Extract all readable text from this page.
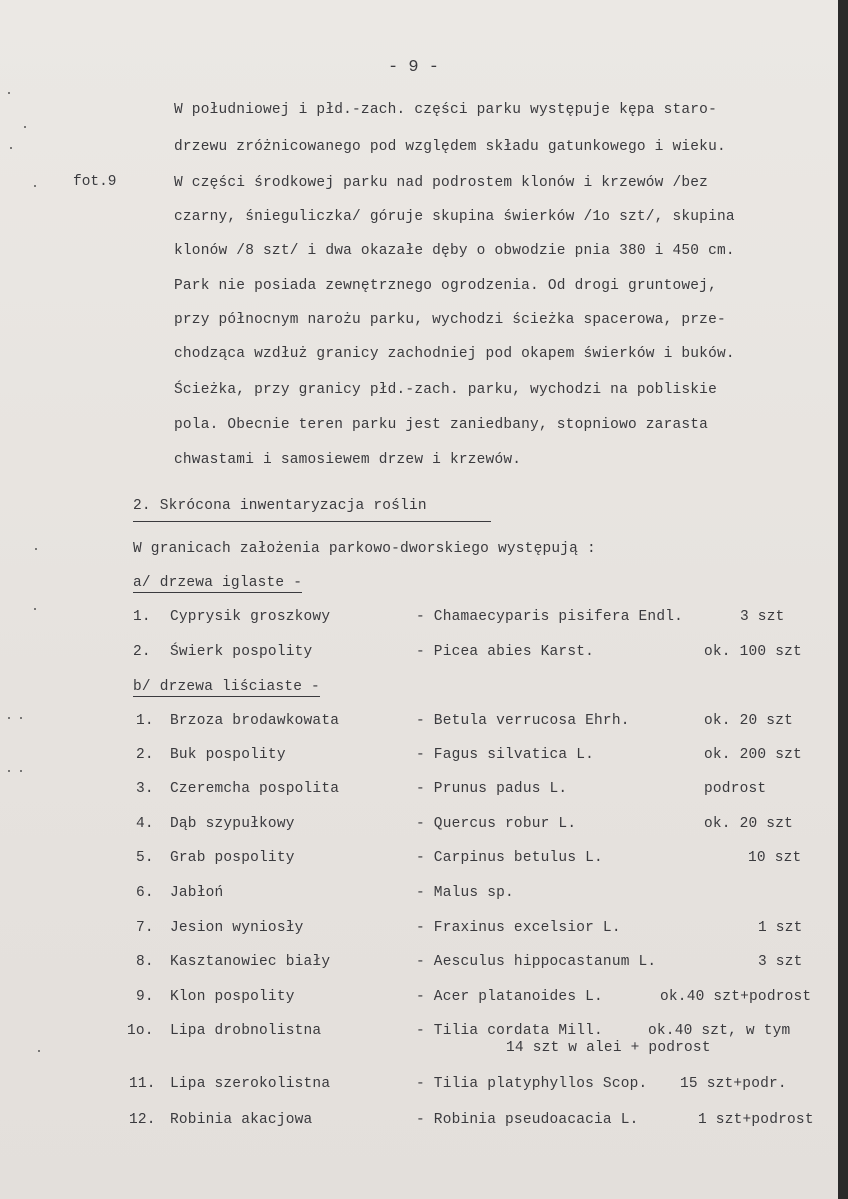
- 9 -
fot.9
W południowej i płd.-zach. części parku występuje kępa staro-
drzewu zróżnicowanego pod względem składu gatunkowego i wieku.
W części środkowej parku nad podrostem klonów i krzewów /bez
czarny, śnieguliczka/ góruje skupina świerków /1o szt/, skupina
klonów /8 szt/ i dwa okazałe dęby o obwodzie pnia 380 i 450 cm.
Park nie posiada zewnętrznego ogrodzenia. Od drogi gruntowej,
przy północnym narożu parku, wychodzi ścieżka spacerowa, prze-
chodząca wzdłuż granicy zachodniej pod okapem świerków i buków.
Ścieżka, przy granicy płd.-zach. parku, wychodzi na pobliskie
pola. Obecnie teren parku jest zaniedbany, stopniowo zarasta
chwastami i samosiewem drzew i krzewów.
2. Skrócona inwentaryzacja roślin
W granicach założenia parkowo-dworskiego występują :
a/ drzewa iglaste -
1. Cyprysik groszkowy	- Chamaecyparis pisifera Endl.	3 szt
2. Świerk pospolity	- Picea abies Karst.	ok. 100 szt
b/ drzewa liściaste -
1. Brzoza brodawkowata	- Betula verrucosa Ehrh.	ok. 20 szt
2. Buk pospolity	- Fagus silvatica L.	ok. 200 szt
3. Czeremcha pospolita	- Prunus padus L.	podrost
4. Dąb szypułkowy	- Quercus robur L.	ok. 20 szt
5. Grab pospolity	- Carpinus betulus L.	10 szt
6. Jabłoń	- Malus sp.
7. Jesion wyniosły	- Fraxinus excelsior L.	1 szt
8. Kasztanowiec biały	- Aesculus hippocastanum L.	3 szt
9. Klon pospolity	- Acer platanoides L.	ok.40 szt+podrost
1o. Lipa drobnolistna	- Tilia cordata Mill.	ok.40 szt, w tym
14 szt w alei + podrost
11. Lipa szerokolistna	- Tilia platyphyllos Scop. 15 szt+podr.
12. Robinia akacjowa	- Robinia pseudoacacia L.	1 szt+podrost
